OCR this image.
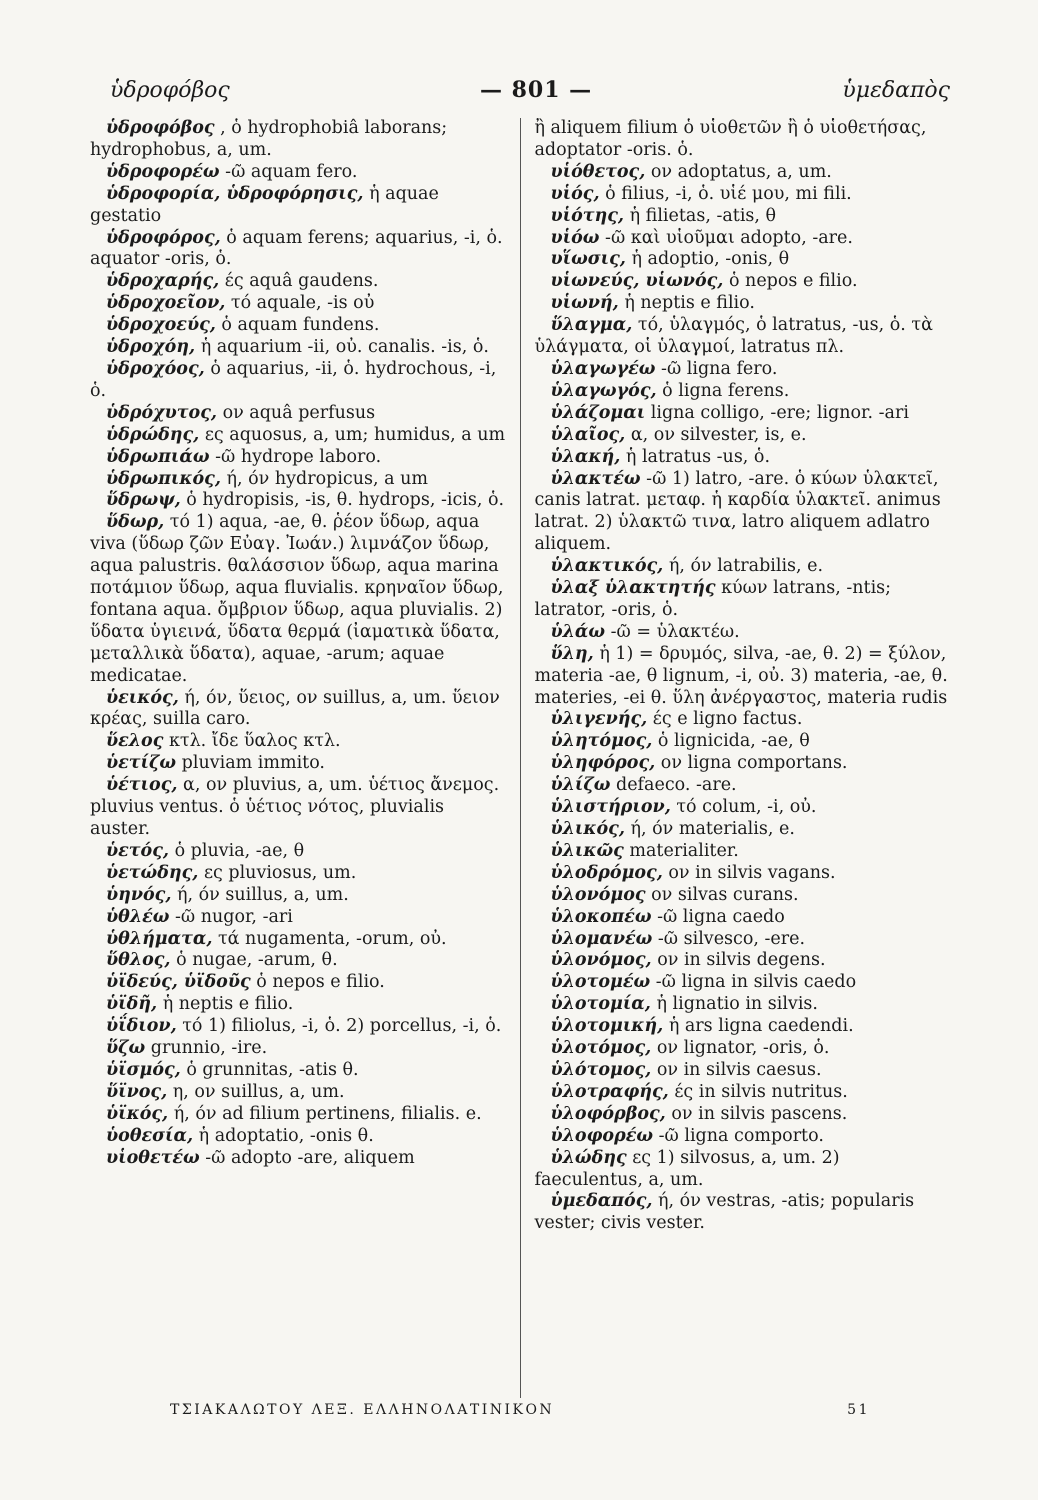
ὑδροφόβος	— 801 —	ὑμεδαπὸς

ὑδροφόβος , ὁ hydrophobiâ laborans; hydrophobus, a, um.

ὑδροφορέω -ῶ aquam fero.

ὑδροφορία, ὑδροφόρησις, ἡ aquae gestatio

ὑδροφόρος, ὁ aquam ferens; aquarius, -i, ὁ. aquator -oris, ὁ.

ὑδροχαρής, ές aquâ gaudens.

ὑδροχοεῖον, τό aquale, -is οὐ

ὑδροχοεύς, ὁ aquam fundens.

ὑδροχόη, ἡ aquarium -ii, οὐ. canalis. -is, ὁ.

ὑδροχόος, ὁ aquarius, -ii, ὁ. hydrochous, -i, ὁ.

ὑδρόχυτος, ον aquâ perfusus

ὑδρώδης, ες aquosus, a, um; humidus, a um

ὑδρωπιάω -ῶ hydrope laboro.

ὑδρωπικός, ή, όν hydropicus, a um

ὕδρωψ, ὁ hydropisis, -is, θ. hydrops, -icis, ὁ.

ὕδωρ, τό 1) aqua, -ae, θ. ῥέον ὕδωρ, aqua viva (ὕδωρ ζῶν Εὐαγ. Ἰωάν.) λιμνάζον ὕδωρ, aqua palustris. θαλάσσιον ὕδωρ, aqua marina ποτάμιον ὕδωρ, aqua fluvialis. κρηναῖον ὕδωρ, fontana aqua. ὄμβριον ὕδωρ, aqua pluvialis. 2) ὕδατα ὑγιεινά, ὕδατα θερμά (ἰαματικὰ ὕδατα, μεταλλικὰ ὕδατα), aquae, -arum; aquae medicatae.

ὑεικός, ή, όν, ὕειος, ον suillus, a, um. ὕειον κρέας, suilla caro.

ὕελος κτλ. ἴδε ὕαλος κτλ.

ὑετίζω pluviam immito.

ὑέτιος, α, ον pluvius, a, um. ὑέτιος ἄνεμος. pluvius ventus. ὁ ὑέτιος νότος, pluvialis auster.

ὑετός, ὁ pluvia, -ae, θ

ὑετώδης, ες pluviosus, um.

ὑηνός, ή, όν suillus, a, um.

ὑθλέω -ῶ nugor, -ari

ὑθλήματα, τά nugamenta, -orum, οὐ.

ὕθλος, ὁ nugae, -arum, θ.

ὑϊδεύς, ὑϊδοῦς ὁ nepos e filio.

ὑϊδῆ, ἡ neptis e filio.

ὑΐδιον, τό 1) filiolus, -i, ὁ. 2) porcellus, -i, ὁ.

ὕζω grunnio, -ire.

ὑϊσμός, ὁ grunnitas, -atis θ.

ὕϊνος, η, ον suillus, a, um.

ὑϊκός, ή, όν ad filium pertinens, filialis. e.

ὑοθεσία, ἡ adoptatio, -onis θ.

υἱοθετέω -ῶ adopto -are, aliquem

ἢ aliquem filium ὁ υἱοθετῶν ἢ ὁ υἱοθετήσας, adoptator -oris. ὁ.

υἱόθετος, ον adoptatus, a, um.

υἱός, ὁ filius, -i, ὁ. υἱέ μου, mi fili.

υἱότης, ἡ filietas, -atis, θ

υἱόω -ῶ καὶ υἱοῦμαι adopto, -are.

υἵωσις, ἡ adoptio, -onis, θ

υἱωνεύς, υἱωνός, ὁ nepos e filio.

υἱωνή, ἡ neptis e filio.

ὕλαγμα, τό, ὑλαγμός, ὁ latratus, -us, ὁ. τὰ ὑλάγματα, οἱ ὑλαγμοί, latratus πλ.

ὑλαγωγέω -ῶ ligna fero.

ὑλαγωγός, ὁ ligna ferens.

ὑλάζομαι ligna colligo, -ere; lignor. -ari

ὑλαῖος, α, ον silvester, is, e.

ὑλακή, ἡ latratus -us, ὁ.

ὑλακτέω -ῶ 1) latro, -are. ὁ κύων ὑλακτεῖ, canis latrat. μεταφ. ἡ καρδία ὑλακτεῖ. animus latrat. 2) ὑλακτῶ τινα, latro aliquem adlatro aliquem.

ὑλακτικός, ή, όν latrabilis, e.

ὑλαξ ὑλακτητής κύων latrans, -ntis; latrator, -oris, ὁ.

ὑλάω -ῶ = ὑλακτέω.

ὕλη, ἡ 1) = δρυμός, silva, -ae, θ. 2) = ξύλον, materia -ae, θ lignum, -i, οὐ. 3) materia, -ae, θ. materies, -ei θ. ὕλη ἀνέργαστος, materia rudis

ὑλιγενής, ές e ligno factus.

ὑλητόμος, ὁ lignicida, -ae, θ

ὑληφόρος, ον ligna comportans.

ὑλίζω defaeco. -are.

ὑλιστήριον, τό colum, -i, οὐ.

ὑλικός, ή, όν materialis, e.

ὑλικῶς materialiter.

ὑλοδρόμος, ον in silvis vagans.

ὑλονόμος ον silvas curans.

ὑλοκοπέω -ῶ ligna caedo

ὑλομανέω -ῶ silvesco, -ere.

ὑλονόμος, ον in silvis degens.

ὑλοτομέω -ῶ ligna in silvis caedo

ὑλοτομία, ἡ lignatio in silvis.

ὑλοτομική, ἡ ars ligna caedendi.

ὑλοτόμος, ον lignator, -oris, ὁ.

ὑλότομος, ον in silvis caesus.

ὑλοτραφής, ές in silvis nutritus.

ὑλοφόρβος, ον in silvis pascens.

ὑλοφορέω -ῶ ligna comporto.

ὑλώδης ες 1) silvosus, a, um. 2) faeculentus, a, um.

ὑμεδαπός, ή, όν vestras, -atis; popularis vester; civis vester.

ΤΣΙΑΚΑΛΩΤΟΥ ΛΕΞ. ΕΛΛΗΝΟΛΑΤΙΝΙΚΟΝ	51
